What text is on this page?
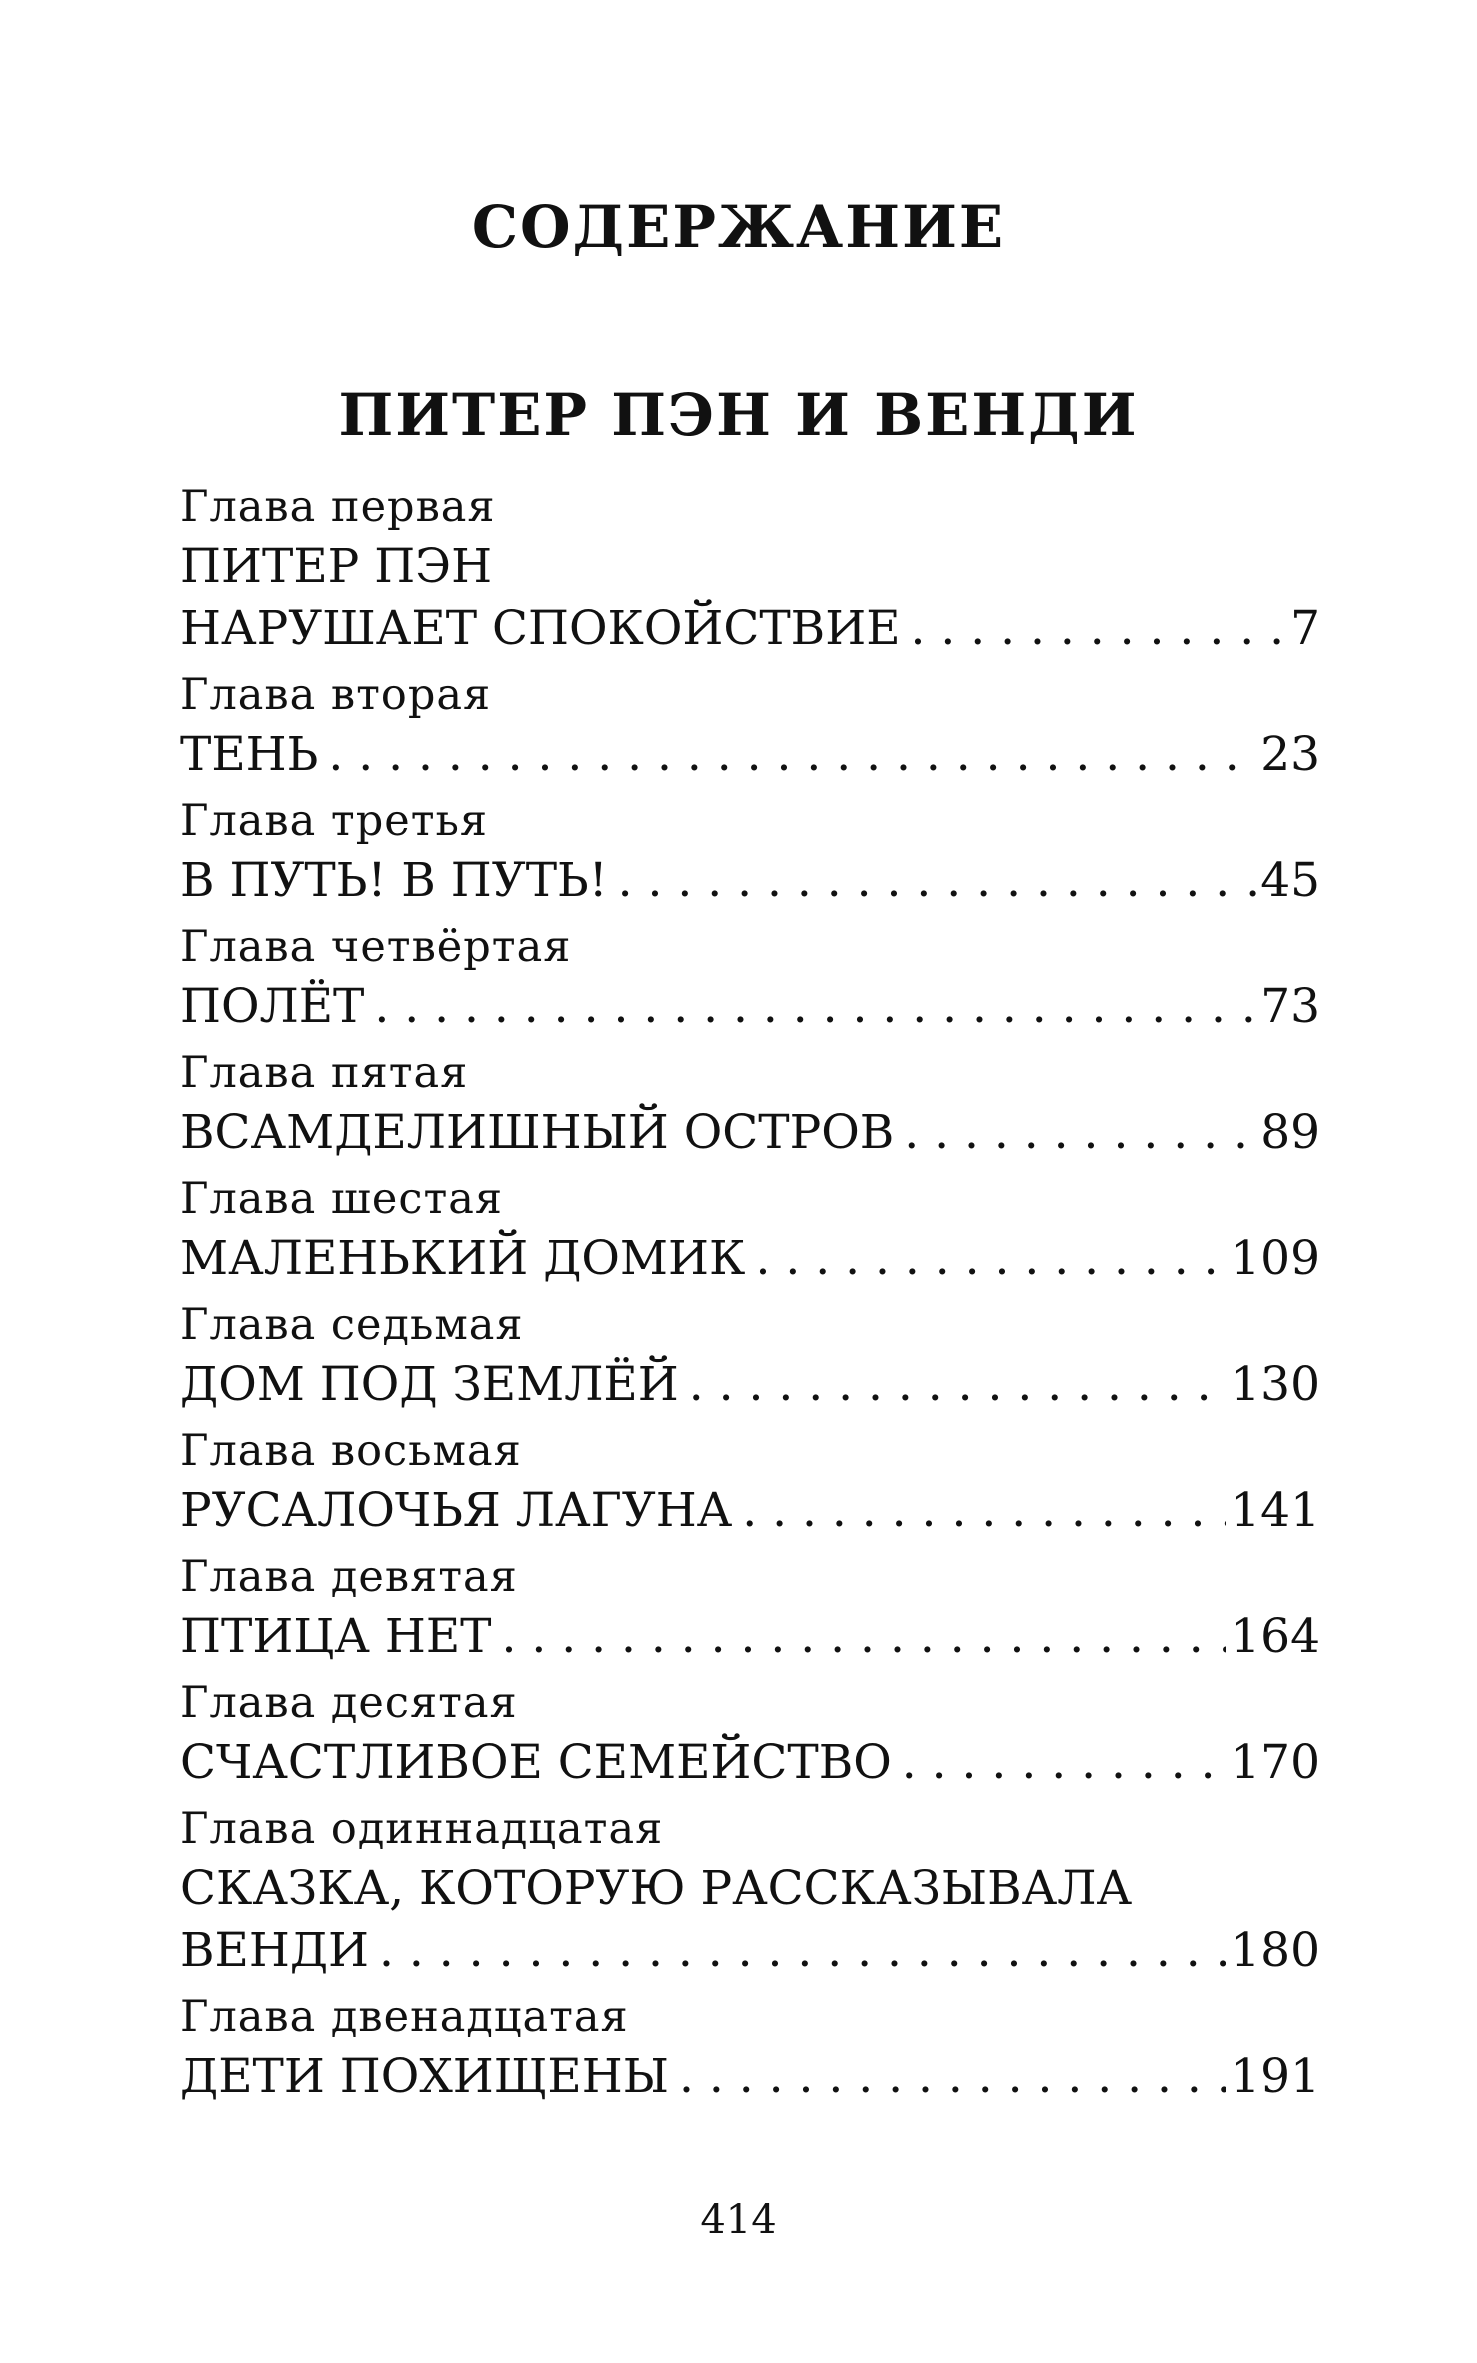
СОДЕРЖАНИЕ
ПИТЕР ПЭН И ВЕНДИ
Глава первая
ПИТЕР ПЭН
НАРУШАЕТ СПОКОЙСТВИЕ . . .	7
Глава вторая
ТЕНЬ . . .	23
Глава третья
В ПУТЬ! В ПУТЬ! . . .	45
Глава четвёртая
ПОЛЁТ . . .	73
Глава пятая
ВСАМДЕЛИШНЫЙ ОСТРОВ . . .	89
Глава шестая
МАЛЕНЬКИЙ ДОМИК . . .	109
Глава седьмая
ДОМ ПОД ЗЕМЛЁЙ . . .	130
Глава восьмая
РУСАЛОЧЬЯ ЛАГУНА . . .	141
Глава девятая
ПТИЦА НЕТ . . .	164
Глава десятая
СЧАСТЛИВОЕ СЕМЕЙСТВО . . .	170
Глава одиннадцатая
СКАЗКА, КОТОРУЮ РАССКАЗЫВАЛА
ВЕНДИ . . .	180
Глава двенадцатая
ДЕТИ ПОХИЩЕНЫ . . .	191
414
